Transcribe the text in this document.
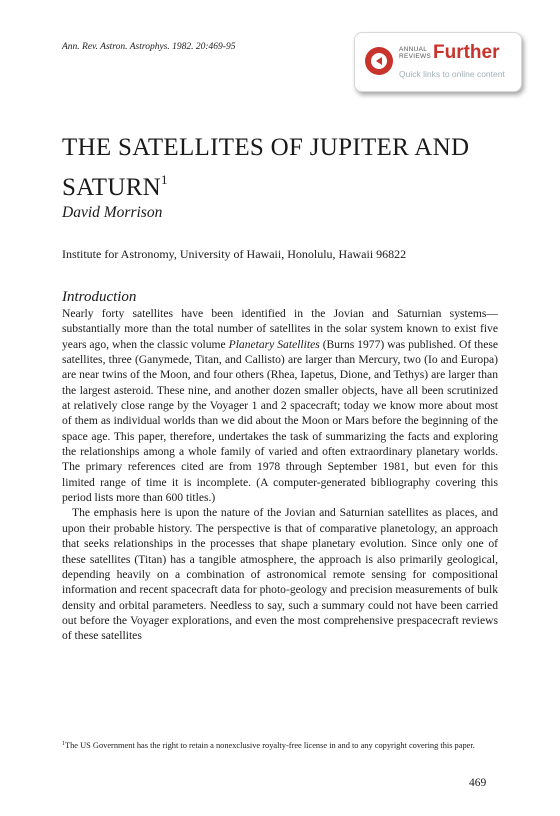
Ann. Rev. Astron. Astrophys. 1982. 20:469-95	ANNUAL
REVIEWS Further
Quick links to online content
THE SATELLITES OF JUPITER AND SATURN$^1$
David Morrison
Institute for Astronomy, University of Hawaii, Honolulu, Hawaii 96822
Introduction

Nearly forty satellites have been identified in the Jovian and Saturnian systems—substantially more than the total number of satellites in the solar system known to exist five years ago, when the classic volume Planetary Satellites (Burns 1977) was published. Of these satellites, three (Ganymede, Titan, and Callisto) are larger than Mercury, two (Io and Europa) are near twins of the Moon, and four others (Rhea, Iapetus, Dione, and Tethys) are larger than the largest asteroid. These nine, and another dozen smaller objects, have all been scrutinized at relatively close range by the Voyager 1 and 2 spacecraft; today we know more about most of them as individual worlds than we did about the Moon or Mars before the beginning of the space age. This paper, therefore, undertakes the task of summarizing the facts and exploring the relationships among a whole family of varied and often extraordinary planetary worlds. The primary references cited are from 1978 through September 1981, but even for this limited range of time it is incomplete. (A computer-generated bibliography covering this period lists more than 600 titles.)

The emphasis here is upon the nature of the Jovian and Saturnian satellites as places, and upon their probable history. The perspective is that of comparative planetology, an approach that seeks relationships in the processes that shape planetary evolution. Since only one of these satellites (Titan) has a tangible atmosphere, the approach is also primarily geological, depending heavily on a combination of astronomical remote sensing for compositional information and recent spacecraft data for photo-geology and precision measurements of bulk density and orbital parameters. Needless to say, such a summary could not have been carried out before the Voyager explorations, and even the most comprehensive prespacecraft reviews of these satellites

$^1$The US Government has the right to retain a nonexclusive royalty-free license in and to any copyright covering this paper.
469
